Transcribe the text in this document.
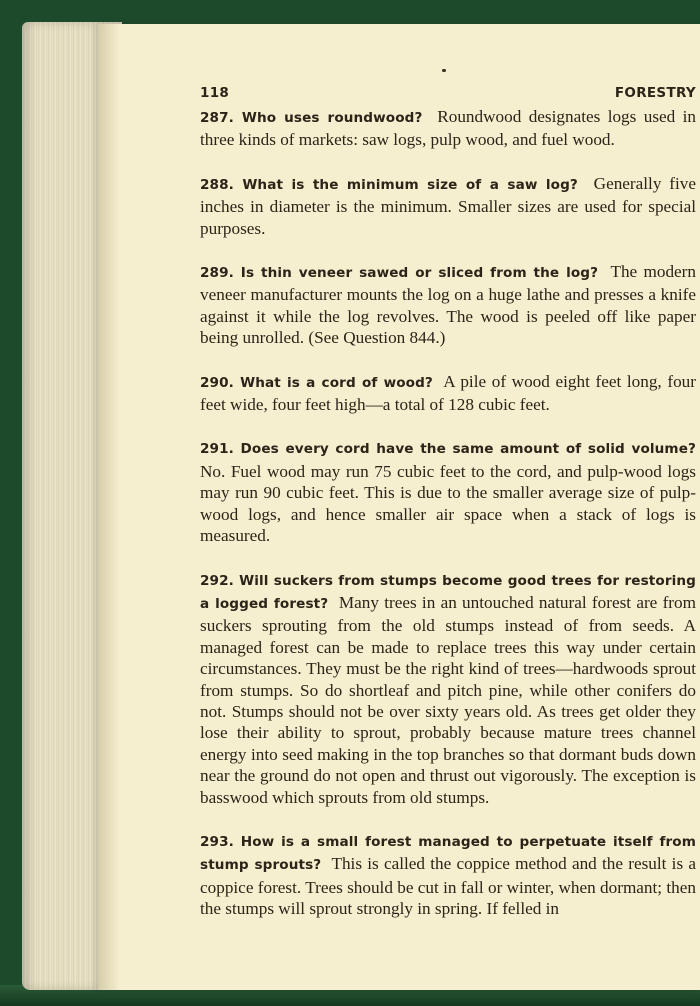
118	FORESTRY

287. Who uses roundwood? Roundwood designates logs used in three kinds of markets: saw logs, pulp wood, and fuel wood.

288. What is the minimum size of a saw log? Generally five inches in diameter is the minimum. Smaller sizes are used for special purposes.

289. Is thin veneer sawed or sliced from the log? The modern veneer manufacturer mounts the log on a huge lathe and presses a knife against it while the log revolves. The wood is peeled off like paper being unrolled. (See Question 844.)

290. What is a cord of wood? A pile of wood eight feet long, four feet wide, four feet high—a total of 128 cubic feet.

291. Does every cord have the same amount of solid volume? No. Fuel wood may run 75 cubic feet to the cord, and pulp-wood logs may run 90 cubic feet. This is due to the smaller average size of pulp-wood logs, and hence smaller air space when a stack of logs is measured.

292. Will suckers from stumps become good trees for restoring a logged forest? Many trees in an untouched natural forest are from suckers sprouting from the old stumps instead of from seeds. A managed forest can be made to replace trees this way under certain circumstances. They must be the right kind of trees—hardwoods sprout from stumps. So do shortleaf and pitch pine, while other conifers do not. Stumps should not be over sixty years old. As trees get older they lose their ability to sprout, probably because mature trees channel energy into seed making in the top branches so that dormant buds down near the ground do not open and thrust out vigorously. The exception is basswood which sprouts from old stumps.

293. How is a small forest managed to perpetuate itself from stump sprouts? This is called the coppice method and the result is a coppice forest. Trees should be cut in fall or winter, when dormant; then the stumps will sprout strongly in spring. If felled in
